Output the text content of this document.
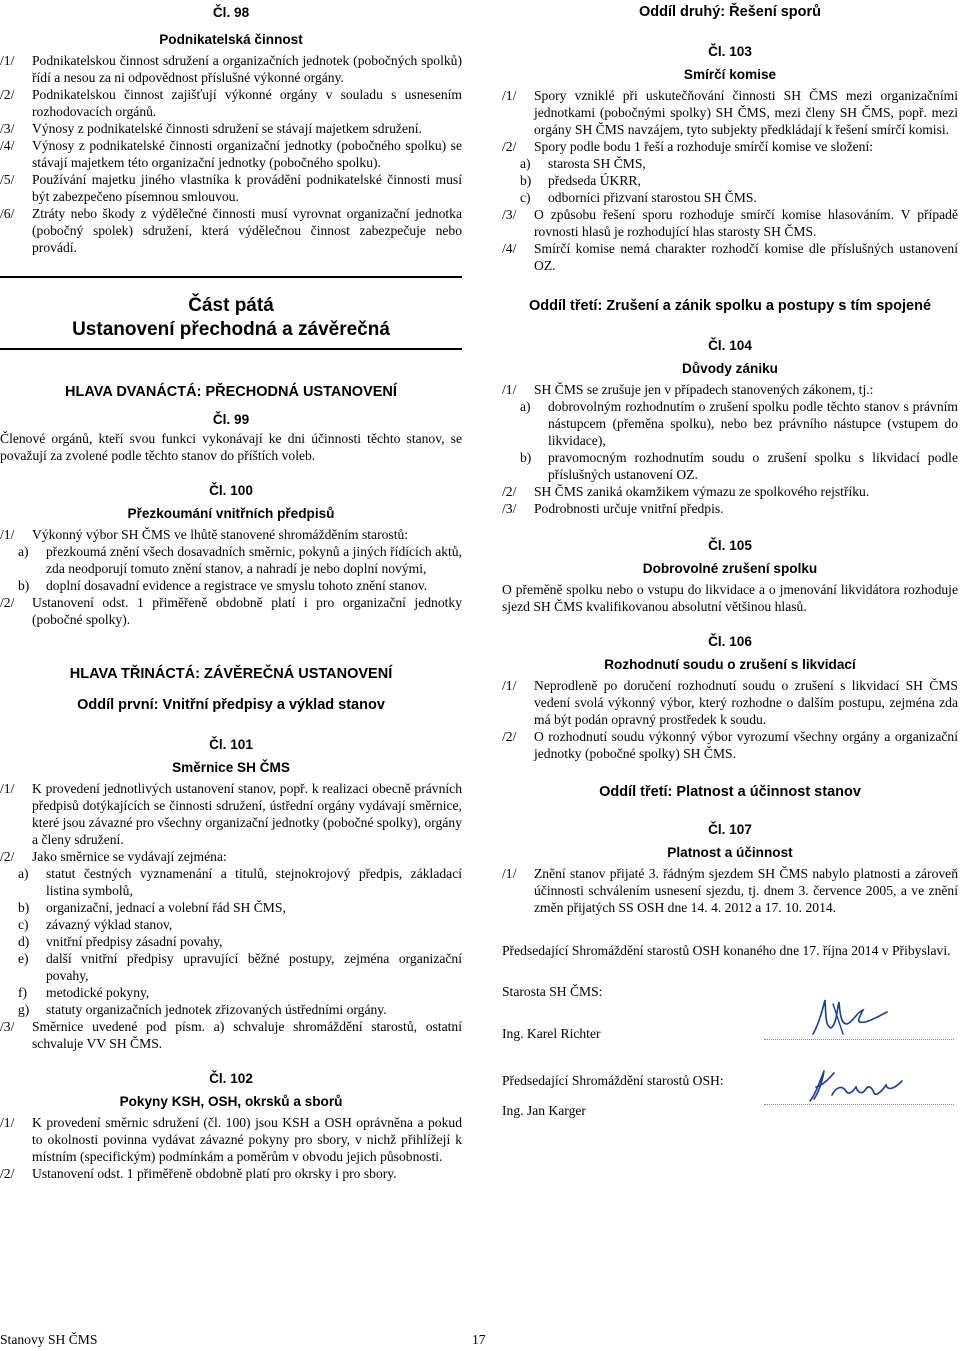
Čl. 98
Podnikatelská činnost
/1/	Podnikatelskou činnost sdružení a organizačních jednotek (pobočných spolků) řídí a nesou za ni odpovědnost příslušné výkonné orgány.
/2/	Podnikatelskou činnost zajišťují výkonné orgány v souladu s usnesením rozhodovacích orgánů.
/3/	Výnosy z podnikatelské činnosti sdružení se stávají majetkem sdružení.
/4/	Výnosy z podnikatelské činnosti organizační jednotky (pobočného spolku) se stávají majetkem této organizační jednotky (pobočného spolku).
/5/	Používání majetku jiného vlastníka k provádění podnikatelské činnosti musí být zabezpečeno písemnou smlouvou.
/6/	Ztráty nebo škody z výdělečné činnosti musí vyrovnat organizační jednotka (pobočný spolek) sdružení, která výdělečnou činnost zabezpečuje nebo provádí.
Část pátá
Ustanovení přechodná a závěrečná
HLAVA DVANÁCTÁ: PŘECHODNÁ USTANOVENÍ
Čl. 99
Členové orgánů, kteří svou funkci vykonávají ke dni účinnosti těchto stanov, se považují za zvolené podle těchto stanov do příštích voleb.
Čl. 100
Přezkoumání vnitřních předpisů
/1/	Výkonný výbor SH ČMS ve lhůtě stanovené shromážděním starostů:
a)	přezkoumá znění všech dosavadních směrnic, pokynů a jiných řídících aktů, zda neodporují tomuto znění stanov, a nahradí je nebo doplní novými,
b)	doplní dosavadní evidence a registrace ve smyslu tohoto znění stanov.
/2/	Ustanovení odst. 1 přiměřeně obdobně platí i pro organizační jednotky (pobočné spolky).
HLAVA TŘINÁCTÁ: ZÁVĚREČNÁ USTANOVENÍ
Oddíl první: Vnitřní předpisy a výklad stanov
Čl. 101
Směrnice SH ČMS
/1/	K provedení jednotlivých ustanovení stanov, popř. k realizaci obecně právních předpisů dotýkajících se činnosti sdružení, ústřední orgány vydávají směrnice, které jsou závazné pro všechny organizační jednotky (pobočné spolky), orgány a členy sdružení.
/2/	Jako směrnice se vydávají zejména:
a)	statut čestných vyznamenání a titulů, stejnokrojový předpis, základací listina symbolů,
b)	organizační, jednací a volební řád SH ČMS,
c)	závazný výklad stanov,
d)	vnitřní předpisy zásadní povahy,
e)	další vnitřní předpisy upravující běžné postupy, zejména organizační povahy,
f)	metodické pokyny,
g)	statuty organizačních jednotek zřizovaných ústředními orgány.
/3/	Směrnice uvedené pod písm. a) schvaluje shromáždění starostů, ostatní schvaluje VV SH ČMS.
Čl. 102
Pokyny KSH, OSH, okrsků a sborů
/1/	K provedení směrnic sdružení (čl. 100) jsou KSH a OSH oprávněna a pokud to okolnosti povinna vydávat závazné pokyny pro sbory, v nichž přihlížejí k místním (specifickým) podmínkám a poměrům v obvodu jejich působnosti.
/2/	Ustanovení odst. 1 přiměřeně obdobně platí pro okrsky i pro sbory.
Oddíl druhý: Řešení sporů
Čl. 103
Smírčí komise
/1/	Spory vzniklé při uskutečňování činnosti SH ČMS mezi organizačními jednotkami (pobočnými spolky) SH ČMS, mezi členy SH ČMS, popř. mezi orgány SH ČMS navzájem, tyto subjekty předkládají k řešení smírčí komisi.
/2/	Spory podle bodu 1 řeší a rozhoduje smírčí komise ve složení:
a)	starosta SH ČMS,
b)	předseda ÚKRR,
c)	odborníci přizvaní starostou SH ČMS.
/3/	O způsobu řešení sporu rozhoduje smírčí komise hlasováním. V případě rovnosti hlasů je rozhodující hlas starosty SH ČMS.
/4/	Smírčí komise nemá charakter rozhodčí komise dle příslušných ustanovení OZ.
Oddíl třetí: Zrušení a zánik spolku a postupy s tím spojené
Čl. 104
Důvody zániku
/1/	SH ČMS se zrušuje jen v případech stanovených zákonem, tj.:
a)	dobrovolným rozhodnutím o zrušení spolku podle těchto stanov s právním nástupcem (přeměna spolku), nebo bez právního nástupce (vstupem do likvidace),
b)	pravomocným rozhodnutím soudu o zrušení spolku s likvidací podle příslušných ustanovení OZ.
/2/	SH ČMS zaniká okamžikem výmazu ze spolkového rejstříku.
/3/	Podrobnosti určuje vnitřní předpis.
Čl. 105
Dobrovolné zrušení spolku
O přeměně spolku nebo o vstupu do likvidace a o jmenování likvidátora rozhoduje sjezd SH ČMS kvalifikovanou absolutní většinou hlasů.
Čl. 106
Rozhodnutí soudu o zrušení s likvidací
/1/	Neprodleně po doručení rozhodnutí soudu o zrušení s likvidací SH ČMS vedení svolá výkonný výbor, který rozhodne o dalším postupu, zejména zda má být podán opravný prostředek k soudu.
/2/	O rozhodnutí soudu výkonný výbor vyrozumí všechny orgány a organizační jednotky (pobočné spolky) SH ČMS.
Oddíl třetí: Platnost a účinnost stanov
Čl. 107
Platnost a účinnost
/1/	Znění stanov přijaté 3. řádným sjezdem SH ČMS nabylo platnosti a zároveň účinnosti schválením usnesení sjezdu, tj. dnem 3. července 2005, a ve znění změn přijatých SS OSH dne 14. 4. 2012 a 17. 10. 2014.
Předsedající Shromáždění starostů OSH konaného dne 17. října 2014 v Přibyslavi.
Starosta SH ČMS:
Ing. Karel Richter
Předsedající Shromáždění starostů OSH:
Ing. Jan Karger
Stanovy SH ČMS	17
